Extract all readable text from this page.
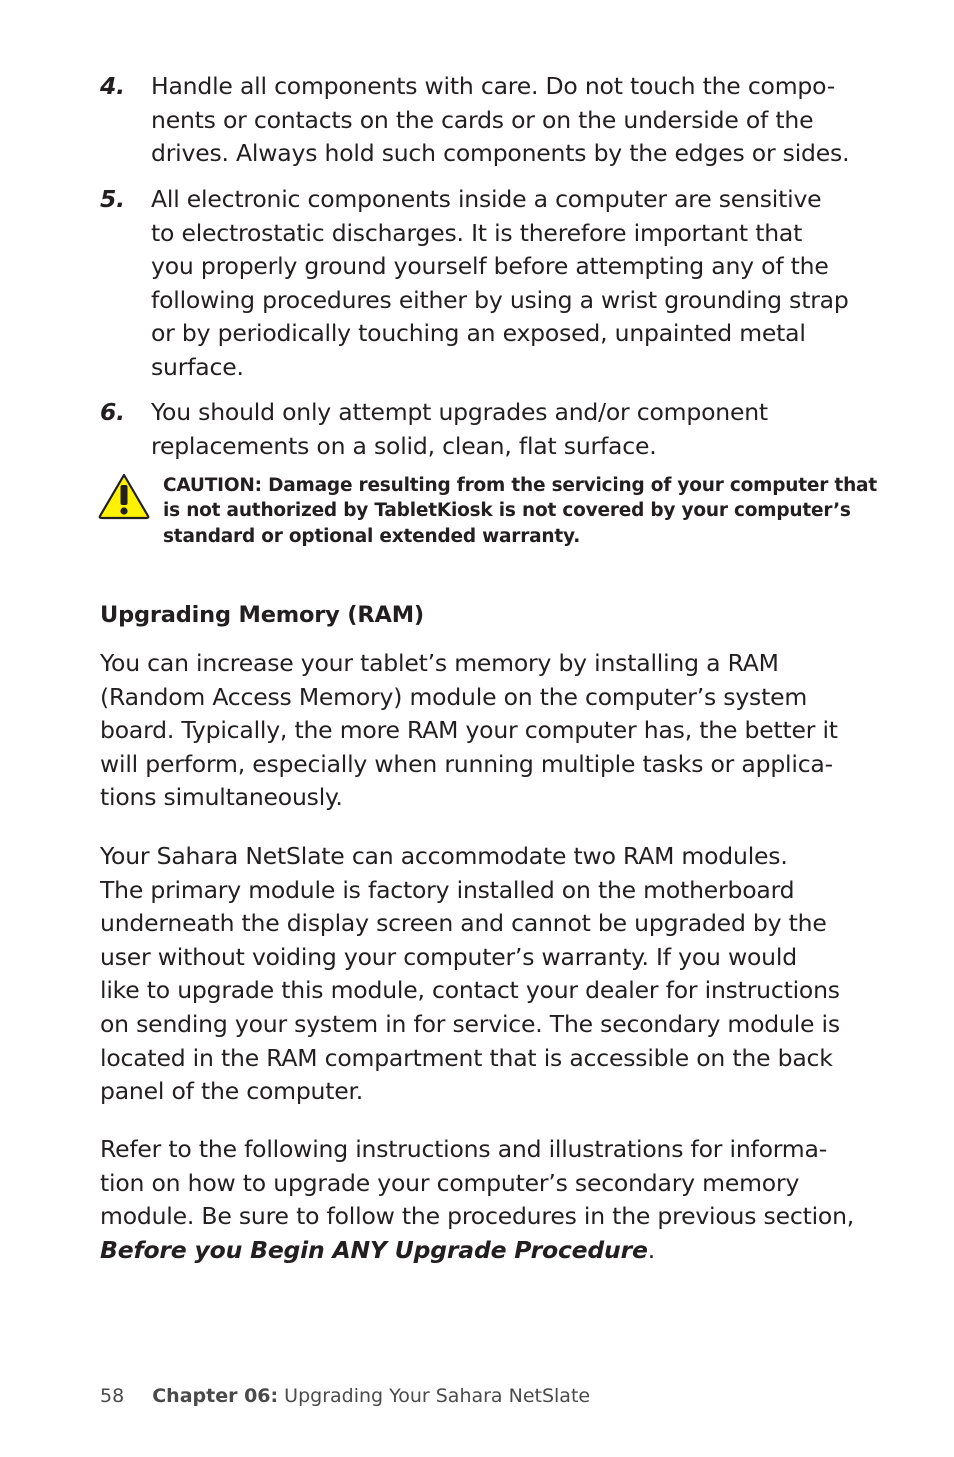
4. Handle all components with care. Do not touch the compo-
nents or contacts on the cards or on the underside of the
drives. Always hold such components by the edges or sides.
5. All electronic components inside a computer are sensitive
to electrostatic discharges. It is therefore important that
you properly ground yourself before attempting any of the
following procedures either by using a wrist grounding strap
or by periodically touching an exposed, unpainted metal
surface.
6. You should only attempt upgrades and/or component
replacements on a solid, clean, flat surface.
CAUTION: Damage resulting from the servicing of your computer that
is not authorized by TabletKiosk is not covered by your computer’s
standard or optional extended warranty.
Upgrading Memory (RAM)
You can increase your tablet’s memory by installing a RAM
(Random Access Memory) module on the computer’s system
board. Typically, the more RAM your computer has, the better it
will perform, especially when running multiple tasks or applica-
tions simultaneously.
Your Sahara NetSlate can accommodate two RAM modules.
The primary module is factory installed on the motherboard
underneath the display screen and cannot be upgraded by the
user without voiding your computer’s warranty. If you would
like to upgrade this module, contact your dealer for instructions
on sending your system in for service. The secondary module is
located in the RAM compartment that is accessible on the back
panel of the computer.
Refer to the following instructions and illustrations for informa-
tion on how to upgrade your computer’s secondary memory
module. Be sure to follow the procedures in the previous section,
Before you Begin ANY Upgrade Procedure.
58 Chapter 06: Upgrading Your Sahara NetSlate
